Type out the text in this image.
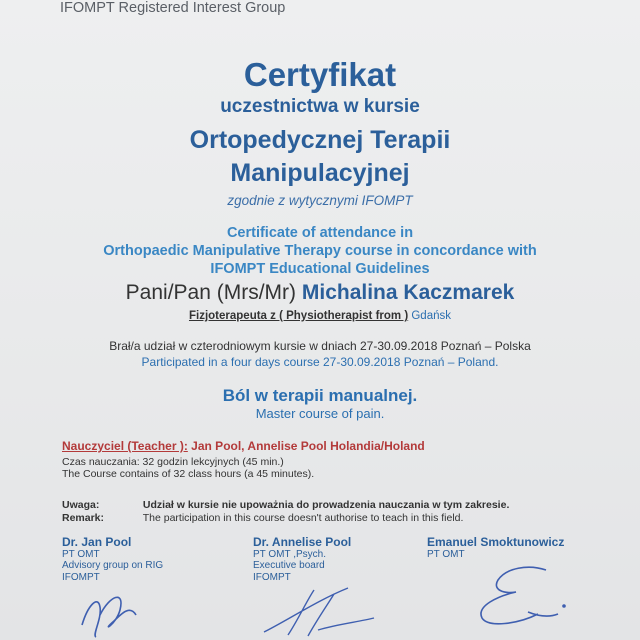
IFOMPT Registered Interest Group
Certyfikat
uczestnictwa w kursie
Ortopedycznej Terapii
Manipulacyjnej
zgodnie z wytycznymi IFOMPT
Certificate of attendance in
Orthopaedic Manipulative Therapy course in concordance with
IFOMPT Educational Guidelines
Pani/Pan (Mrs/Mr) Michalina Kaczmarek
Fizjoterapeuta z ( Physiotherapist from ) Gdańsk
Brał/a udział w czterodniowym kursie w dniach 27-30.09.2018 Poznań – Polska
Participated in a four days course 27-30.09.2018 Poznań – Poland.
Ból w terapii manualnej.
Master course of pain.
Nauczyciel (Teacher ): Jan Pool, Annelise Pool Holandia/Holand
Czas nauczania: 32 godzin lekcyjnych (45 min.)
The Course contains of 32 class hours (a 45 minutes).
Uwaga:	Udział w kursie nie upoważnia do prowadzenia nauczania w tym zakresie.
Remark:	The participation in this course doesn't authorise to teach in this field.
Dr. Jan Pool
PT OMT
Advisory group on RIG
IFOMPT
Dr. Annelise Pool
PT OMT ,Psych.
Executive board
IFOMPT
Emanuel Smoktunowicz
PT OMT
